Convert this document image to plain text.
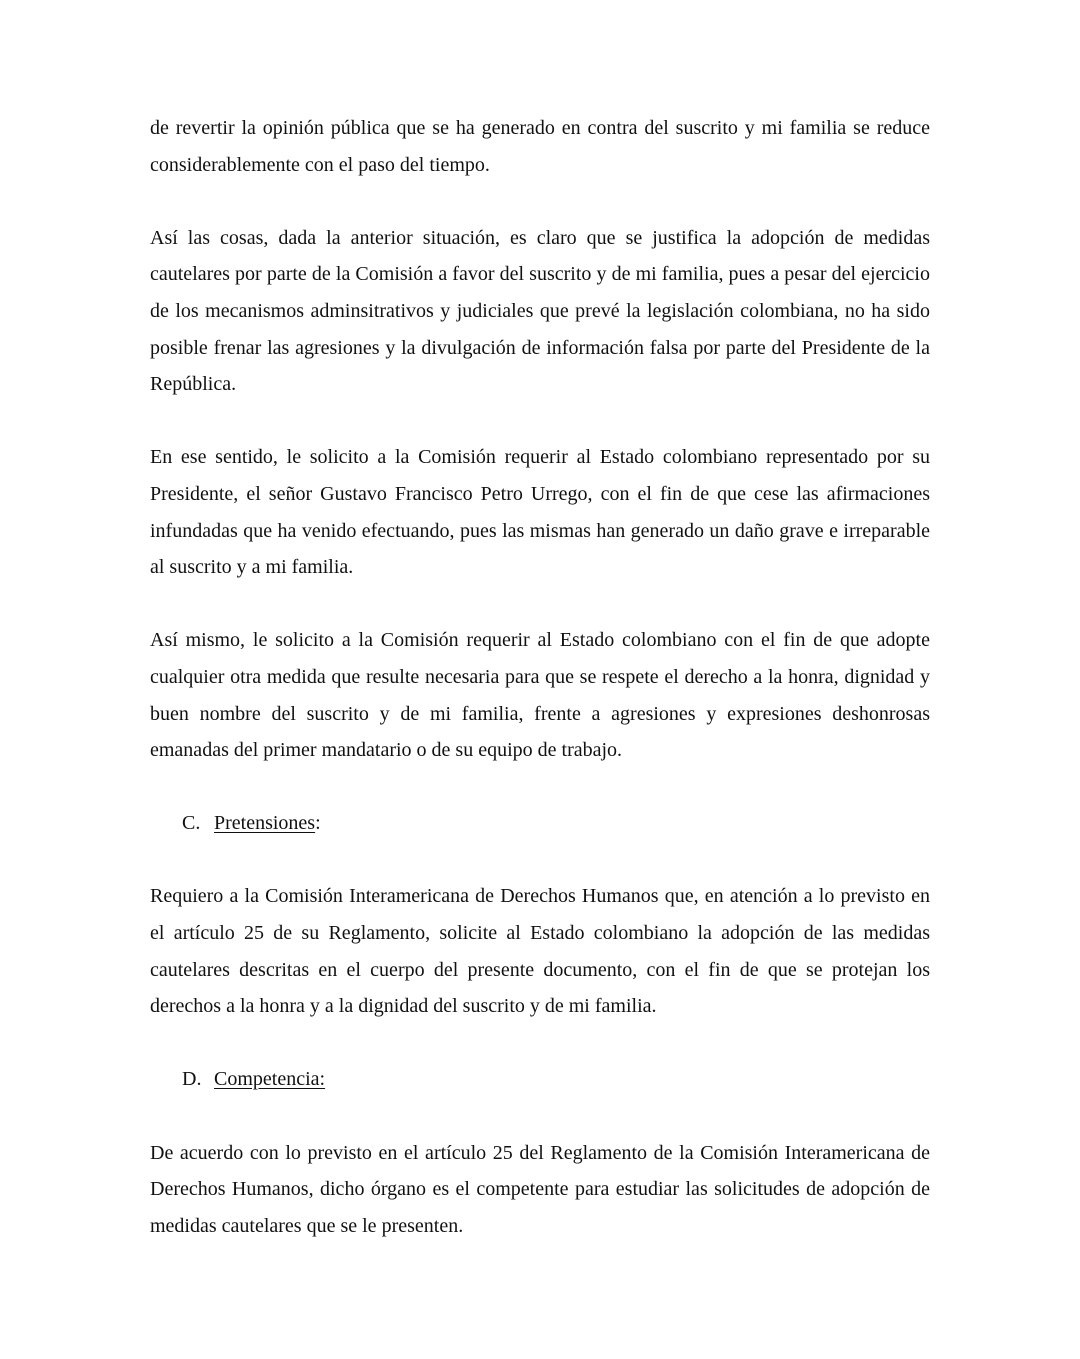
de revertir la opinión pública que se ha generado en contra del suscrito y mi familia se reduce considerablemente con el paso del tiempo.

Así las cosas, dada la anterior situación, es claro que se justifica la adopción de medidas cautelares por parte de la Comisión a favor del suscrito y de mi familia, pues a pesar del ejercicio de los mecanismos adminsitrativos y judiciales que prevé la legislación colombiana, no ha sido posible frenar las agresiones y la divulgación de información falsa por parte del Presidente de la República.

En ese sentido, le solicito a la Comisión requerir al Estado colombiano representado por su Presidente, el señor Gustavo Francisco Petro Urrego, con el fin de que cese las afirmaciones infundadas que ha venido efectuando, pues las mismas han generado un daño grave e irreparable al suscrito y a mi familia.

Así mismo, le solicito a la Comisión requerir al Estado colombiano con el fin de que adopte cualquier otra medida que resulte necesaria para que se respete el derecho a la honra, dignidad y buen nombre del suscrito y de mi familia, frente a agresiones y expresiones deshonrosas emanadas del primer mandatario o de su equipo de trabajo.

C. Pretensiones:

Requiero a la Comisión Interamericana de Derechos Humanos que, en atención a lo previsto en el artículo 25 de su Reglamento, solicite al Estado colombiano la adopción de las medidas cautelares descritas en el cuerpo del presente documento, con el fin de que se protejan los derechos a la honra y a la dignidad del suscrito y de mi familia.

D. Competencia:

De acuerdo con lo previsto en el artículo 25 del Reglamento de la Comisión Interamericana de Derechos Humanos, dicho órgano es el competente para estudiar las solicitudes de adopción de medidas cautelares que se le presenten.
